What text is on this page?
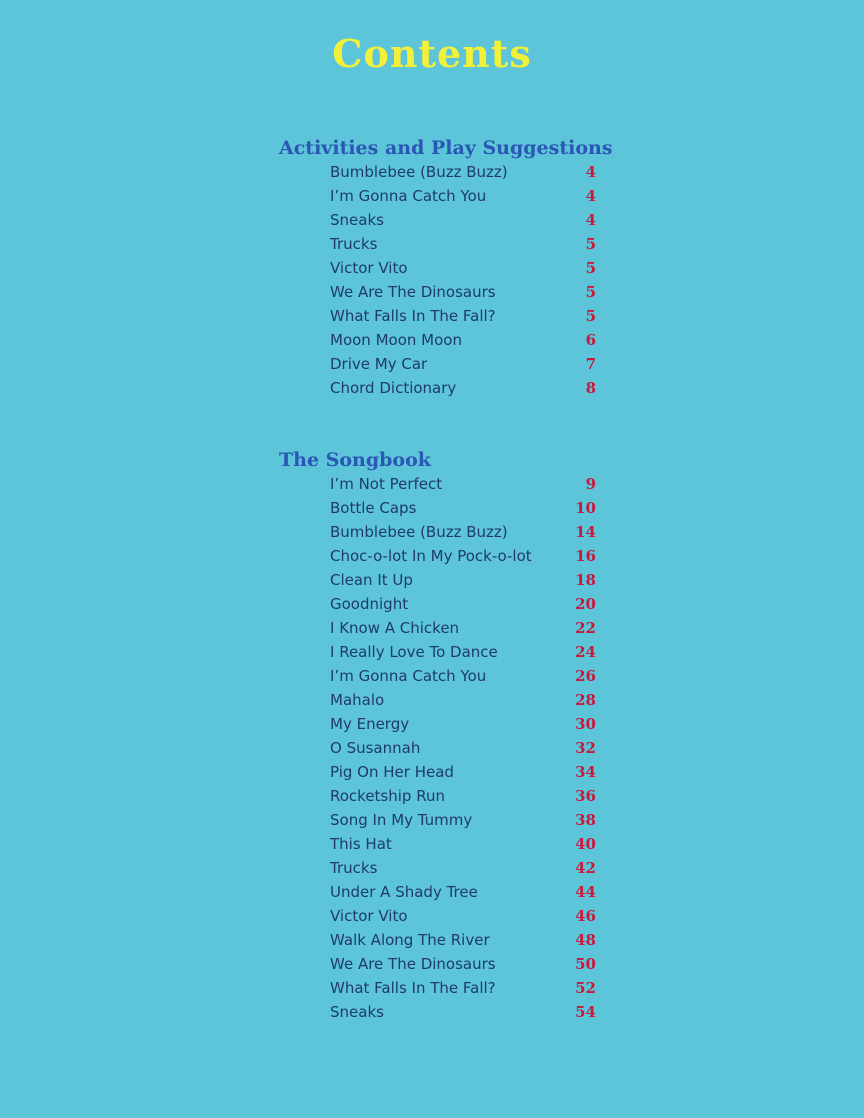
Contents
Activities and Play Suggestions
Bumblebee (Buzz Buzz)	4
I’m Gonna Catch You	4
Sneaks	4
Trucks	5
Victor Vito	5
We Are The Dinosaurs	5
What Falls In The Fall?	5
Moon Moon Moon	6
Drive My Car	7
Chord Dictionary	8
The Songbook
I’m Not Perfect	9
Bottle Caps	10
Bumblebee (Buzz Buzz)	14
Choc-o-lot In My Pock-o-lot	16
Clean It Up	18
Goodnight	20
I Know A Chicken	22
I Really Love To Dance	24
I’m Gonna Catch You	26
Mahalo	28
My Energy	30
O Susannah	32
Pig On Her Head	34
Rocketship Run	36
Song In My Tummy	38
This Hat	40
Trucks	42
Under A Shady Tree	44
Victor Vito	46
Walk Along The River	48
We Are The Dinosaurs	50
What Falls In The Fall?	52
Sneaks	54
